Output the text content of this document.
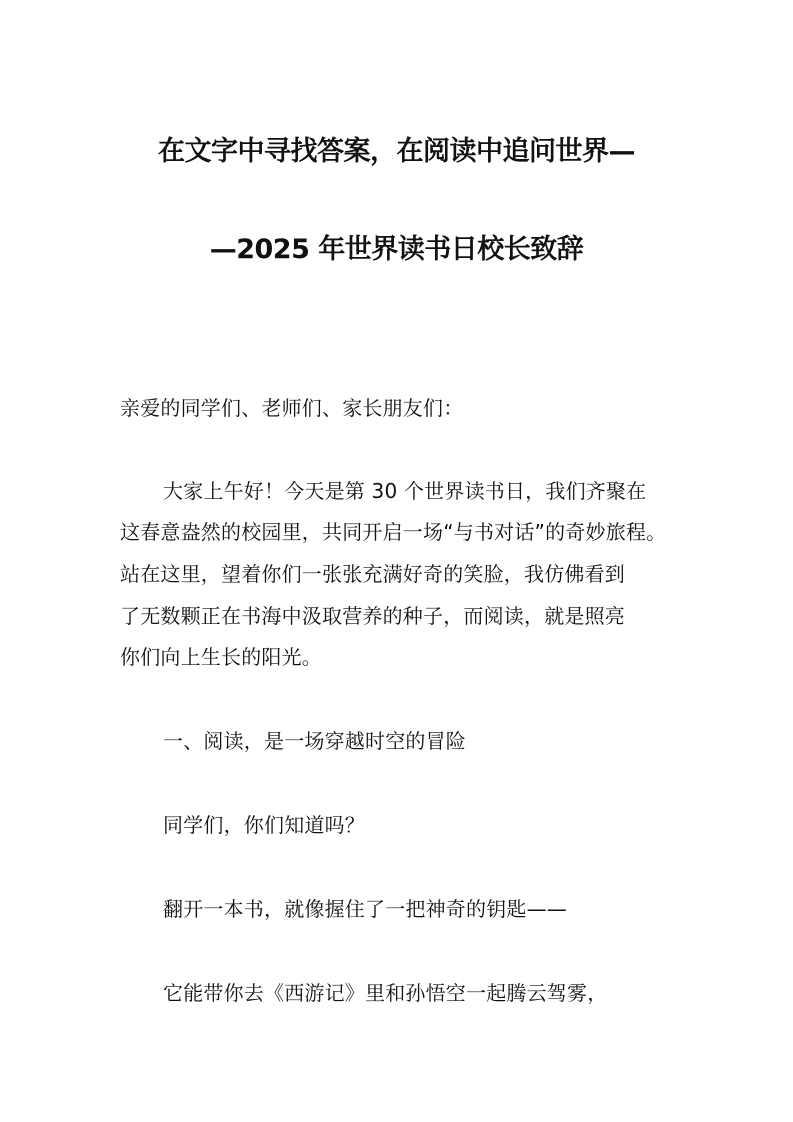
在文字中寻找答案，在阅读中追问世界—
—2025 年世界读书日校长致辞
亲爱的同学们、老师们、家长朋友们：
大家上午好！今天是第 30 个世界读书日，我们齐聚在
这春意盎然的校园里，共同开启一场“与书对话”的奇妙旅程。
站在这里，望着你们一张张充满好奇的笑脸，我仿佛看到
了无数颗正在书海中汲取营养的种子，而阅读，就是照亮
你们向上生长的阳光。
一、阅读，是一场穿越时空的冒险
同学们，你们知道吗？
翻开一本书，就像握住了一把神奇的钥匙——
它能带你去《西游记》里和孙悟空一起腾云驾雾，
